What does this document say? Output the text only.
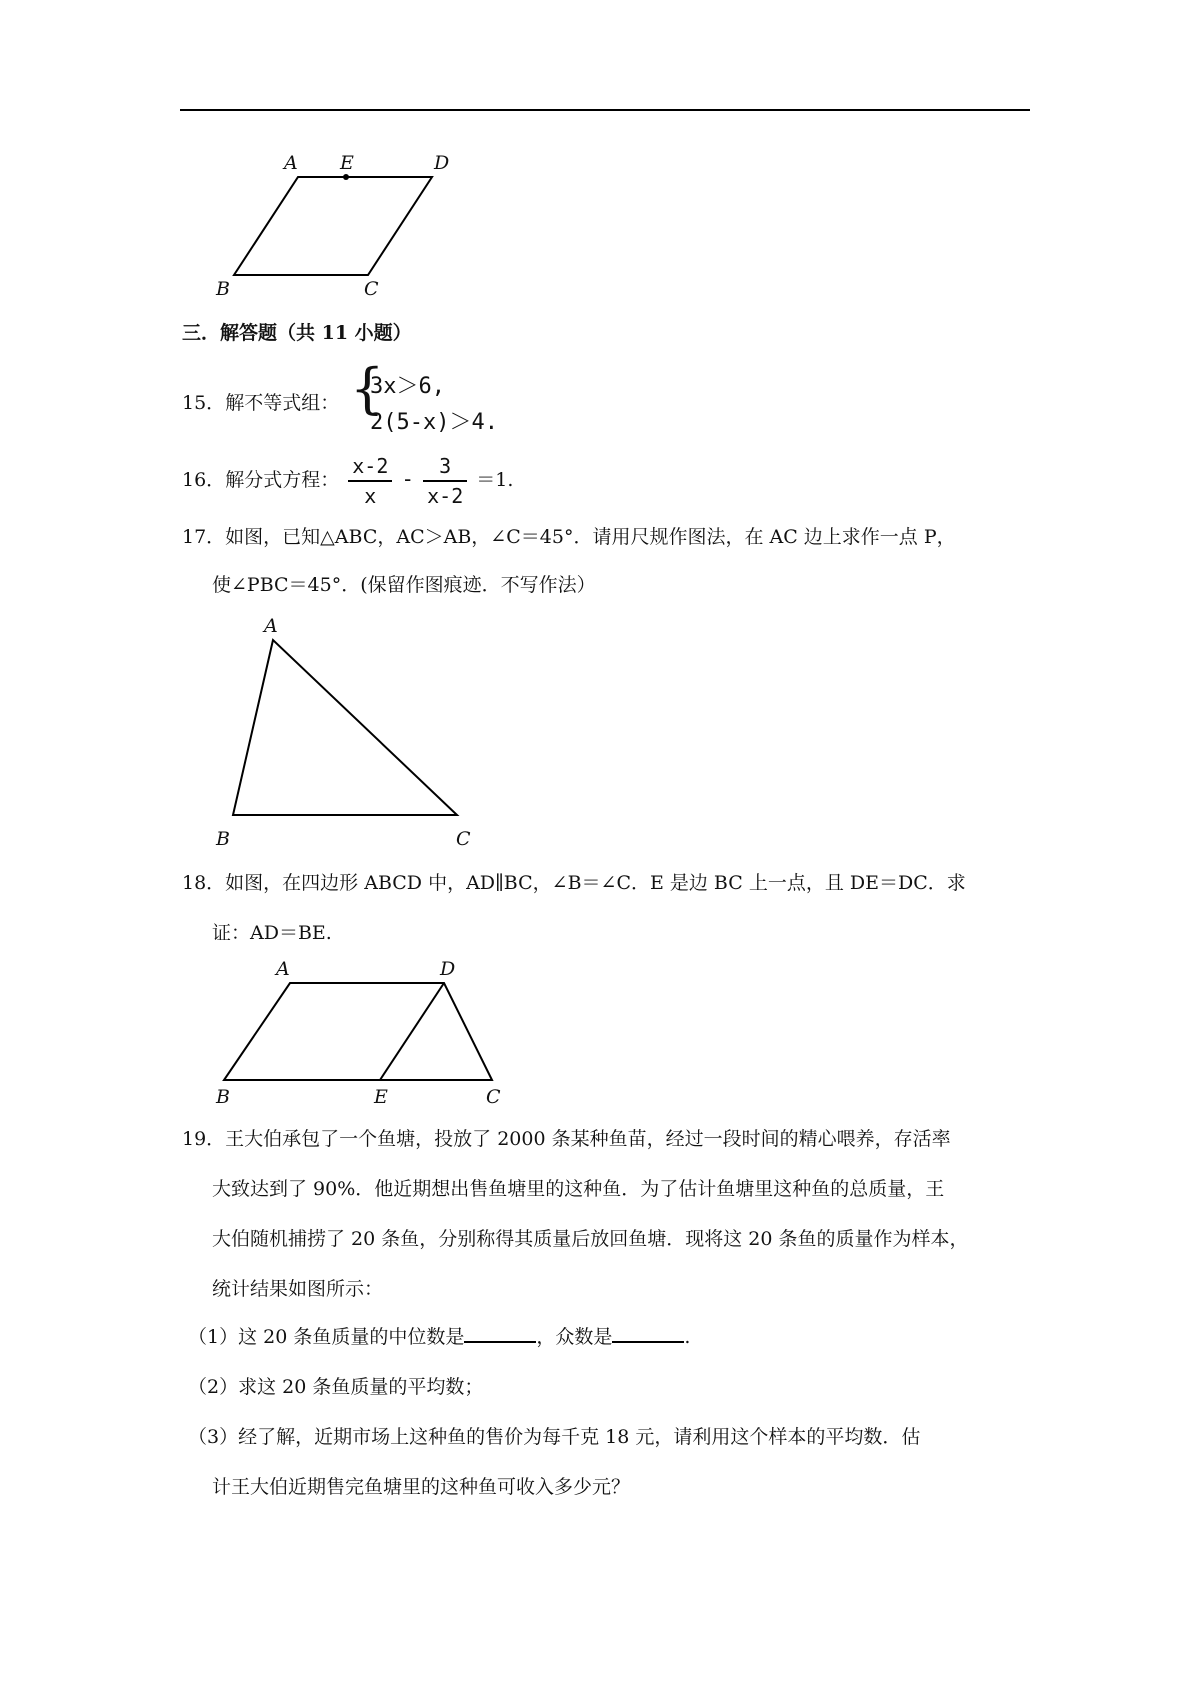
A E	D
B	C
三．解答题（共 11 小题）
15．解不等式组： {
3x＞6,
2(5-x)＞4.
16．解分式方程： $\frac{x-2}{x} - \frac{3}{x-2} =1$.
17．如图，已知△ABC，AC＞AB，∠C＝45°．请用尺规作图法，在 AC 边上求作一点 P，
使∠PBC＝45°．(保留作图痕迹．不写作法）
A
B	C
18．如图，在四边形 ABCD 中，AD∥BC，∠B＝∠C．E 是边 BC 上一点，且 DE＝DC．求
证：AD＝BE.
A	D
B	E	C
19．王大伯承包了一个鱼塘，投放了 2000 条某种鱼苗，经过一段时间的精心喂养，存活率
大致达到了 90%．他近期想出售鱼塘里的这种鱼．为了估计鱼塘里这种鱼的总质量，王
大伯随机捕捞了 20 条鱼，分别称得其质量后放回鱼塘．现将这 20 条鱼的质量作为样本，
统计结果如图所示：
（1）这 20 条鱼质量的中位数是	，众数是	.
（2）求这 20 条鱼质量的平均数；
（3）经了解，近期市场上这种鱼的售价为每千克 18 元，请利用这个样本的平均数．估
计王大伯近期售完鱼塘里的这种鱼可收入多少元？
